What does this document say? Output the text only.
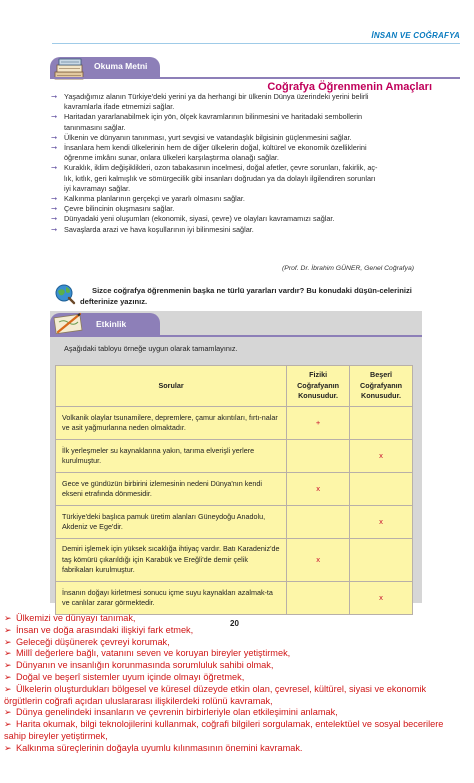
İNSAN VE COĞRAFYA
Okuma Metni
Coğrafya Öğrenmenin Amaçları
➞ Yaşadığımız alanın Türkiye'deki yerini ya da herhangi bir ülkenin Dünya üzerindeki yerini belirli
kavramlarla ifade etmemizi sağlar.
➞ Haritadan yararlanabilmek için yön, ölçek kavramlarının bilinmesini ve haritadaki sembollerin
tanınmasını sağlar.
➞ Ülkenin ve dünyanın tanınması, yurt sevgisi ve vatandaşlık bilgisinin güçlenmesini sağlar.
➞ İnsanlara hem kendi ülkelerinin hem de diğer ülkelerin doğal, kültürel ve ekonomik özelliklerini
öğrenme imkânı sunar, onlara ülkeleri karşılaştırma olanağı sağlar.
➞ Kuraklık, iklim değişiklikleri, ozon tabakasının incelmesi, doğal afetler, çevre sorunları, fakirlik, aç-
lık, kıtlık, geri kalmışlık ve sömürgecilik gibi insanları doğrudan ya da dolaylı ilgilendiren sorunları
iyi kavramayı sağlar.
➞ Kalkınma planlarının gerçekçi ve yararlı olmasını sağlar.
➞ Çevre bilincinin oluşmasını sağlar.
➞ Dünyadaki yeni oluşumları (ekonomik, siyasi, çevre) ve olayları kavramamızı sağlar.
➞ Savaşlarda arazi ve hava koşullarının iyi bilinmesini sağlar.
(Prof. Dr. İbrahim GÜNER, Genel Coğrafya)
Sizce coğrafya öğrenmenin başka ne türlü yararları vardır? Bu konudaki düşün-celerinizi defterinize yazınız.
Etkinlik
Aşağıdaki tabloyu örneğe uygun olarak tamamlayınız.
Sorular	Fiziki Coğrafyanın Konusudur.	Beşerî Coğrafyanın Konusudur.
Volkanik olaylar tsunamilere, depremlere, çamur akıntıları, fırtı-nalar ve asit yağmurlarına neden olmaktadır.	+	
İlk yerleşmeler su kaynaklarına yakın, tarıma elverişli yerlere kurulmuştur.		x
Gece ve gündüzün birbirini izlemesinin nedeni Dünya'nın kendi ekseni etrafında dönmesidir.	x	
Türkiye'deki başlıca pamuk üretim alanları Güneydoğu Anadolu, Akdeniz ve Ege'dir.		x
Demiri işlemek için yüksek sıcaklığa ihtiyaç vardır. Batı Karadeniz'de taş kömürü çıkarıldığı için Karabük ve Ereğli'de demir çelik fabrikaları kurulmuştur.	x	
İnsanın doğayı kirletmesi sonucu içme suyu kaynakları azalmak-ta ve canlılar zarar görmektedir.		x
20
➢ Ülkemizi ve dünyayı tanımak,
➢ İnsan ve doğa arasındaki ilişkiyi fark etmek,
➢ Geleceği düşünerek çevreyi korumak,
➢ Millî değerlere bağlı, vatanını seven ve koruyan bireyler yetiştirmek,
➢ Dünyanın ve insanlığın korunmasında sorumluluk sahibi olmak,
➢ Doğal ve beşerî sistemler uyum içinde olmayı öğretmek,
➢ Ülkelerin oluşturdukları bölgesel ve küresel düzeyde etkin olan, çevresel, kültürel, siyasi ve ekonomik
örgütlerin coğrafi açıdan uluslararası ilişkilerdeki rolünü kavramak,
➢ Dünya genelindeki insanların ve çevrenin birbirleriyle olan etkileşimini anlamak,
➢ Harita okumak, bilgi teknolojilerini kullanmak, coğrafi bilgileri sorgulamak, entelektüel ve sosyal becerilere
sahip bireyler yetiştirmek,
➢ Kalkınma süreçlerinin doğayla uyumlu kılınmasının önemini kavramak.
